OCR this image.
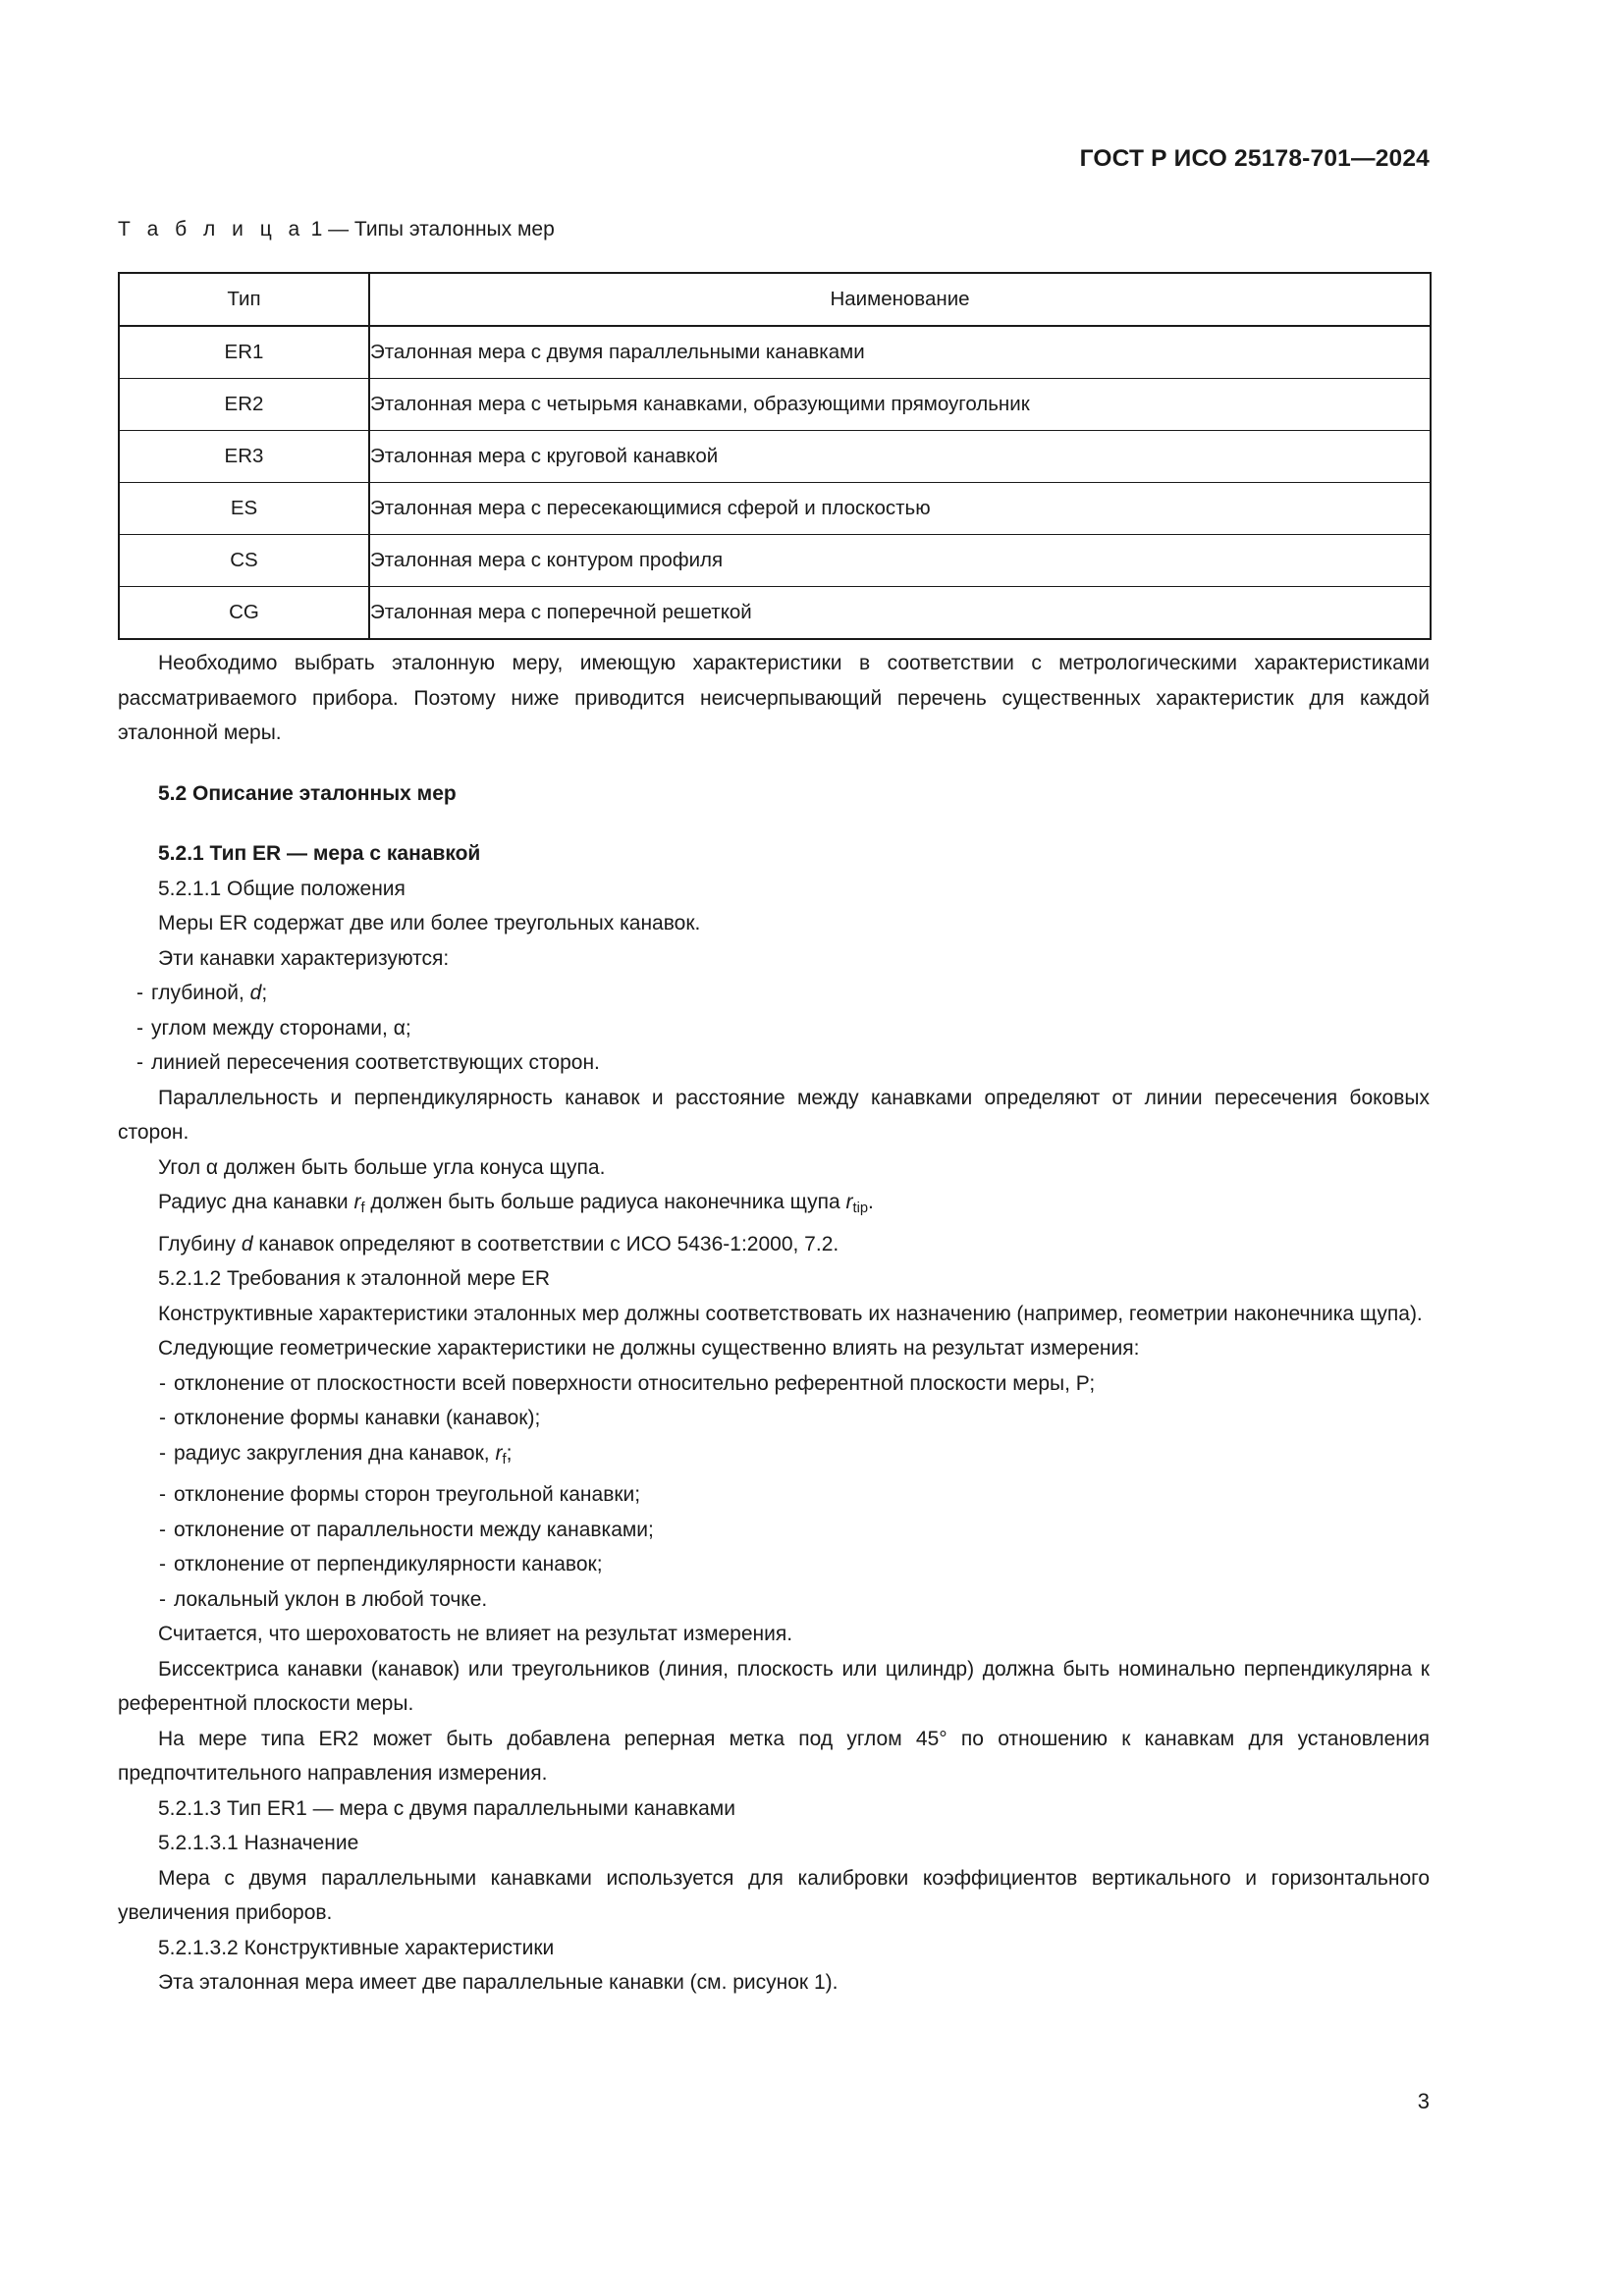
ГОСТ Р ИСО 25178-701—2024
Т а б л и ц а 1 — Типы эталонных мер
Тип	Наименование
ER1	Эталонная мера с двумя параллельными канавками
ER2	Эталонная мера с четырьмя канавками, образующими прямоугольник
ER3	Эталонная мера с круговой канавкой
ES	Эталонная мера с пересекающимися сферой и плоскостью
CS	Эталонная мера с контуром профиля
CG	Эталонная мера с поперечной решеткой

Необходимо выбрать эталонную меру, имеющую характеристики в соответствии с метрологическими характеристиками рассматриваемого прибора. Поэтому ниже приводится неисчерпывающий перечень существенных характеристик для каждой эталонной меры.

5.2 Описание эталонных мер
5.2.1 Тип ER — мера с канавкой

5.2.1.1 Общие положения

Меры ER содержат две или более треугольных канавок.

Эти канавки характеризуются:

- глубиной, d;
- углом между сторонами, α;
- линией пересечения соответствующих сторон.

Параллельность и перпендикулярность канавок и расстояние между канавками определяют от линии пересечения боковых сторон.

Угол α должен быть больше угла конуса щупа.

Радиус дна канавки $r_f$ должен быть больше радиуса наконечника щупа $r_{tip}$.

Глубину d канавок определяют в соответствии с ИСО 5436-1:2000, 7.2.

5.2.1.2 Требования к эталонной мере ER

Конструктивные характеристики эталонных мер должны соответствовать их назначению (например, геометрии наконечника щупа).

Следующие геометрические характеристики не должны существенно влиять на результат измерения:

- отклонение от плоскостности всей поверхности относительно референтной плоскости меры, Р;
- отклонение формы канавки (канавок);
- радиус закругления дна канавок, $r_f$;
- отклонение формы сторон треугольной канавки;
- отклонение от параллельности между канавками;
- отклонение от перпендикулярности канавок;
- локальный уклон в любой точке.

Считается, что шероховатость не влияет на результат измерения.

Биссектриса канавки (канавок) или треугольников (линия, плоскость или цилиндр) должна быть номинально перпендикулярна к референтной плоскости меры.

На мере типа ER2 может быть добавлена реперная метка под углом 45° по отношению к канавкам для установления предпочтительного направления измерения.

5.2.1.3 Тип ER1 — мера с двумя параллельными канавками

5.2.1.3.1 Назначение

Мера с двумя параллельными канавками используется для калибровки коэффициентов вертикального и горизонтального увеличения приборов.

5.2.1.3.2 Конструктивные характеристики

Эта эталонная мера имеет две параллельные канавки (см. рисунок 1).

3
